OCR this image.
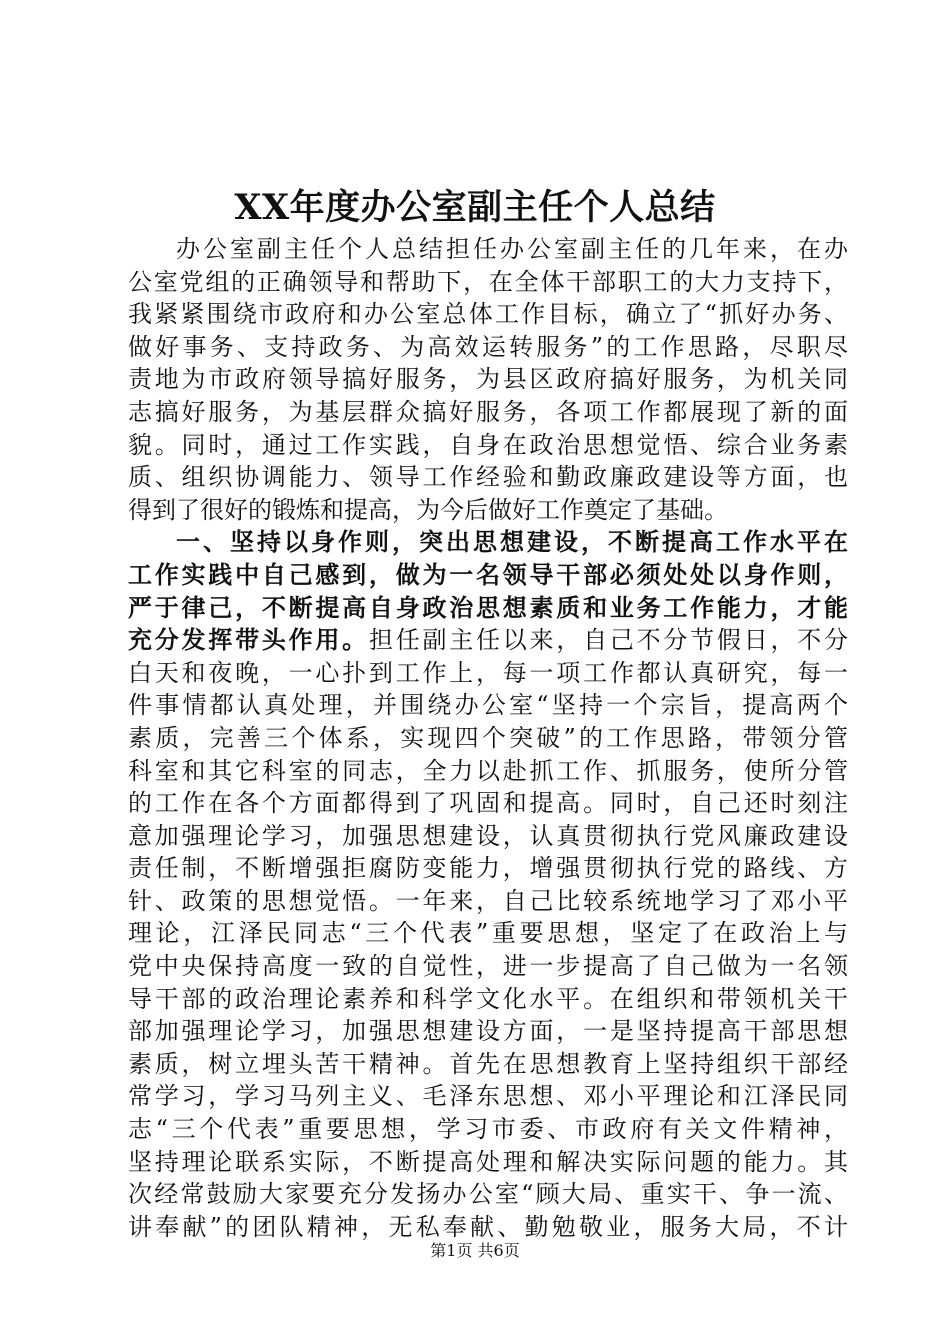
XX年度办公室副主任个人总结
办公室副主任个人总结担任办公室副主任的几年来，在办
公室党组的正确领导和帮助下，在全体干部职工的大力支持下，
我紧紧围绕市政府和办公室总体工作目标，确立了“抓好办务、
做好事务、支持政务、为高效运转服务”的工作思路，尽职尽
责地为市政府领导搞好服务，为县区政府搞好服务，为机关同
志搞好服务，为基层群众搞好服务，各项工作都展现了新的面
貌。同时，通过工作实践，自身在政治思想觉悟、综合业务素
质、组织协调能力、领导工作经验和勤政廉政建设等方面，也
得到了很好的锻炼和提高，为今后做好工作奠定了基础。
一、坚持以身作则，突出思想建设，不断提高工作水平在
工作实践中自己感到，做为一名领导干部必须处处以身作则，
严于律己，不断提高自身政治思想素质和业务工作能力，才能
充分发挥带头作用。担任副主任以来，自己不分节假日，不分
白天和夜晚，一心扑到工作上，每一项工作都认真研究，每一
件事情都认真处理，并围绕办公室“坚持一个宗旨，提高两个
素质，完善三个体系，实现四个突破”的工作思路，带领分管
科室和其它科室的同志，全力以赴抓工作、抓服务，使所分管
的工作在各个方面都得到了巩固和提高。同时，自己还时刻注
意加强理论学习，加强思想建设，认真贯彻执行党风廉政建设
责任制，不断增强拒腐防变能力，增强贯彻执行党的路线、方
针、政策的思想觉悟。一年来，自己比较系统地学习了邓小平
理论，江泽民同志“三个代表”重要思想，坚定了在政治上与
党中央保持高度一致的自觉性，进一步提高了自己做为一名领
导干部的政治理论素养和科学文化水平。在组织和带领机关干
部加强理论学习，加强思想建设方面，一是坚持提高干部思想
素质，树立埋头苦干精神。首先在思想教育上坚持组织干部经
常学习，学习马列主义、毛泽东思想、邓小平理论和江泽民同
志“三个代表”重要思想，学习市委、市政府有关文件精神，
坚持理论联系实际，不断提高处理和解决实际问题的能力。其
次经常鼓励大家要充分发扬办公室“顾大局、重实干、争一流、
讲奉献”的团队精神，无私奉献、勤勉敬业，服务大局，不计
第1页 共6页
